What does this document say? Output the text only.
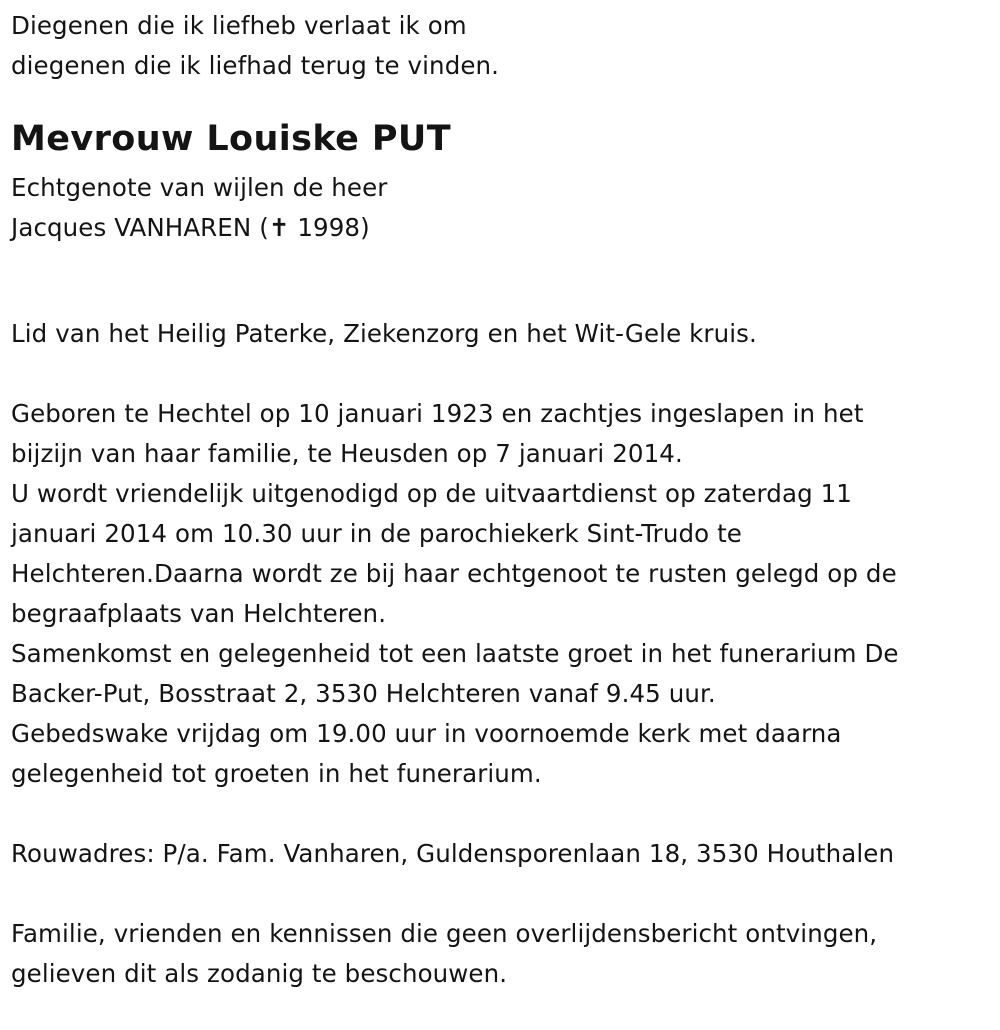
Diegenen die ik liefheb verlaat ik om
diegenen die ik liefhad terug te vinden.
Mevrouw Louiske PUT
Echtgenote van wijlen de heer
Jacques VANHAREN (✝ 1998)
Lid van het Heilig Paterke, Ziekenzorg en het Wit-Gele kruis.
Geboren te Hechtel op 10 januari 1923 en zachtjes ingeslapen in het
bijzijn van haar familie, te Heusden op 7 januari 2014.
U wordt vriendelijk uitgenodigd op de uitvaartdienst op zaterdag 11
januari 2014 om 10.30 uur in de parochiekerk Sint-Trudo te
Helchteren.Daarna wordt ze bij haar echtgenoot te rusten gelegd op de
begraafplaats van Helchteren.
Samenkomst en gelegenheid tot een laatste groet in het funerarium De
Backer-Put, Bosstraat 2, 3530 Helchteren vanaf 9.45 uur.
Gebedswake vrijdag om 19.00 uur in voornoemde kerk met daarna
gelegenheid tot groeten in het funerarium.
Rouwadres: P/a. Fam. Vanharen, Guldensporenlaan 18, 3530 Houthalen
Familie, vrienden en kennissen die geen overlijdensbericht ontvingen,
gelieven dit als zodanig te beschouwen.
